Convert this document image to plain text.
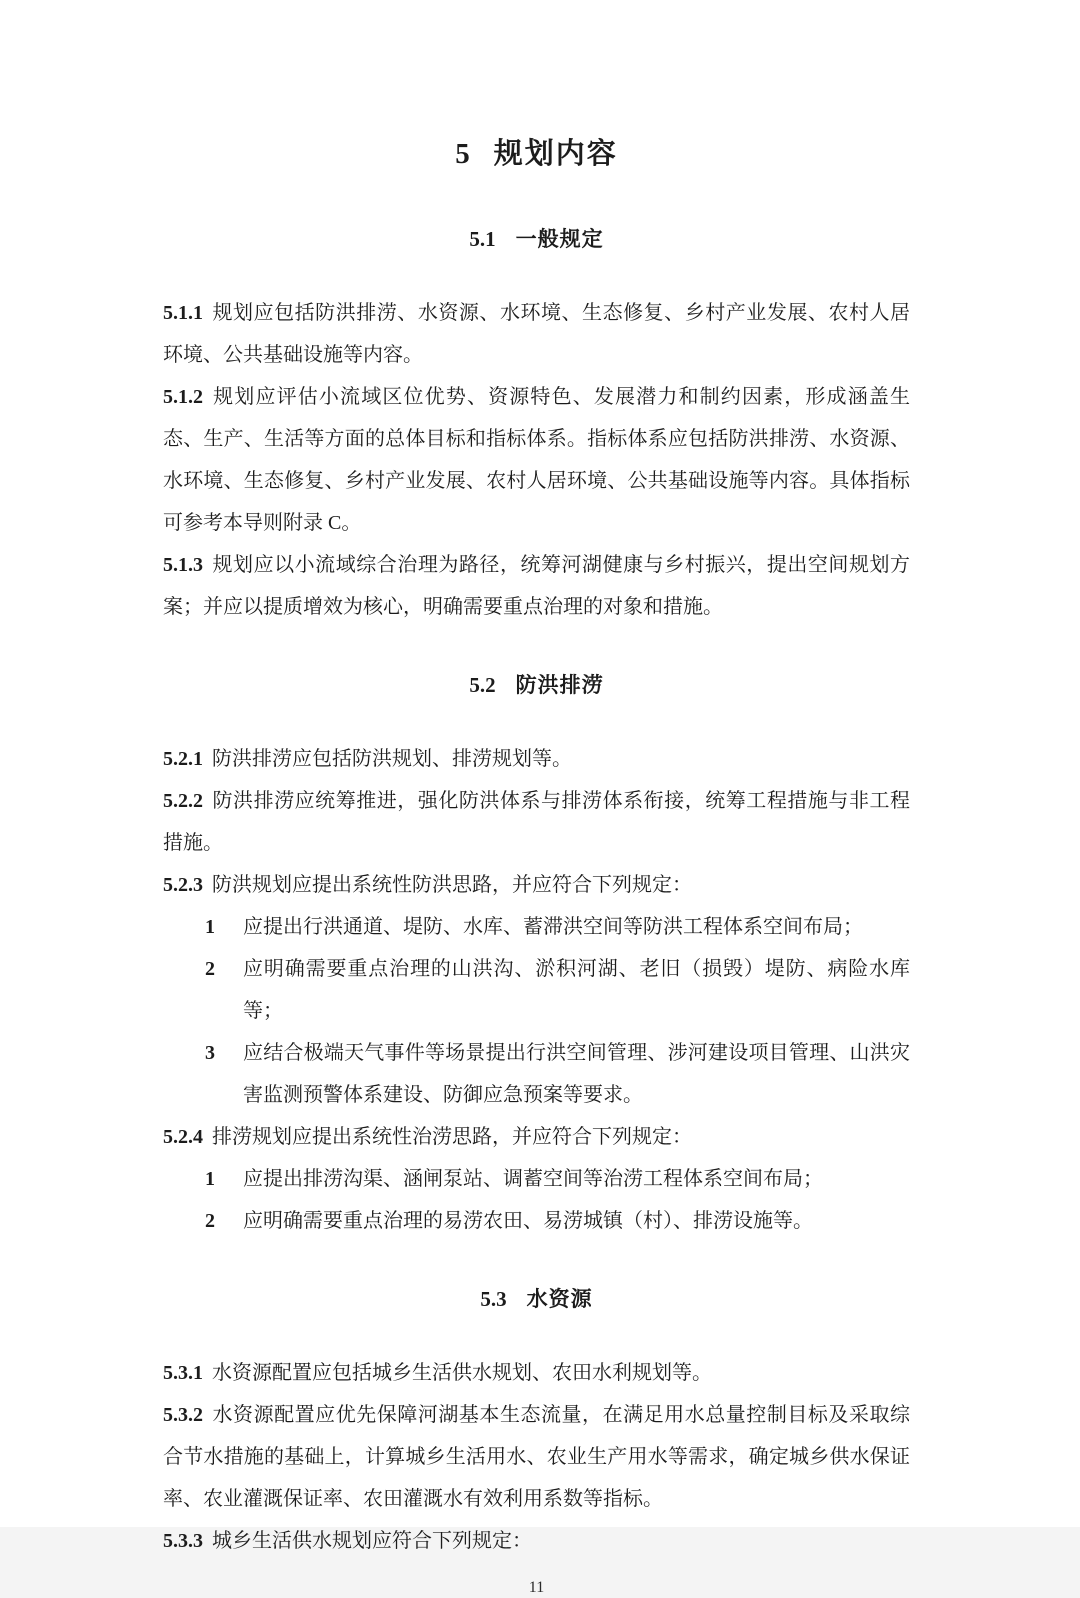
5 规划内容
5.1 一般规定

5.1.1 规划应包括防洪排涝、水资源、水环境、生态修复、乡村产业发展、农村人居环境、公共基础设施等内容。

5.1.2 规划应评估小流域区位优势、资源特色、发展潜力和制约因素，形成涵盖生态、生产、生活等方面的总体目标和指标体系。指标体系应包括防洪排涝、水资源、水环境、生态修复、乡村产业发展、农村人居环境、公共基础设施等内容。具体指标可参考本导则附录 C。

5.1.3 规划应以小流域综合治理为路径，统筹河湖健康与乡村振兴，提出空间规划方案；并应以提质增效为核心，明确需要重点治理的对象和措施。

5.2 防洪排涝

5.2.1 防洪排涝应包括防洪规划、排涝规划等。

5.2.2 防洪排涝应统筹推进，强化防洪体系与排涝体系衔接，统筹工程措施与非工程措施。

5.2.3 防洪规划应提出系统性防洪思路，并应符合下列规定：

1	应提出行洪通道、堤防、水库、蓄滞洪空间等防洪工程体系空间布局；
2	应明确需要重点治理的山洪沟、淤积河湖、老旧（损毁）堤防、病险水库等；
3	应结合极端天气事件等场景提出行洪空间管理、涉河建设项目管理、山洪灾害监测预警体系建设、防御应急预案等要求。

5.2.4 排涝规划应提出系统性治涝思路，并应符合下列规定：

1	应提出排涝沟渠、涵闸泵站、调蓄空间等治涝工程体系空间布局；
2	应明确需要重点治理的易涝农田、易涝城镇（村）、排涝设施等。
5.3 水资源

5.3.1 水资源配置应包括城乡生活供水规划、农田水利规划等。

5.3.2 水资源配置应优先保障河湖基本生态流量，在满足用水总量控制目标及采取综合节水措施的基础上，计算城乡生活用水、农业生产用水等需求，确定城乡供水保证率、农业灌溉保证率、农田灌溉水有效利用系数等指标。

5.3.3 城乡生活供水规划应符合下列规定：

11
